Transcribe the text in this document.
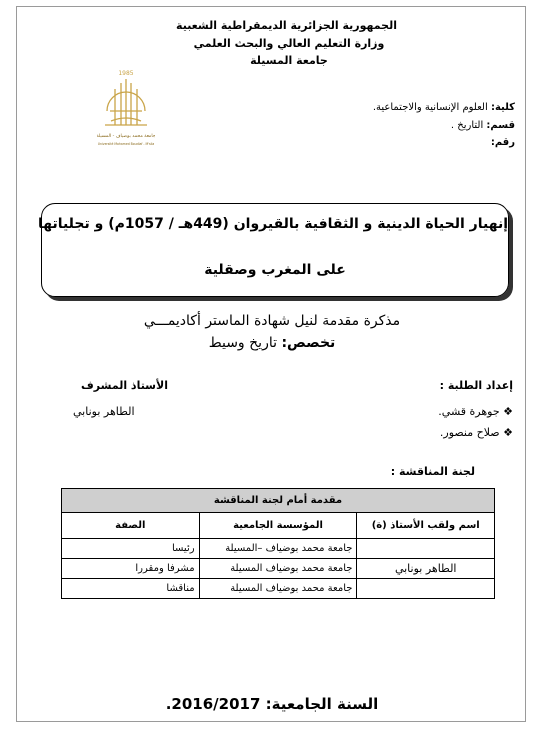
الجمهورية الجزائرية الديمقراطية الشعبية
وزارة التعليم العالي والبحث العلمي
جامعة المسيلة
1985
جامعة محمد بوضياف - المسيلة
Université Mohamed Boudiaf - M'sila
كلية: العلوم الإنسانية والاجتماعية.
قسم: التاريخ .
رقم:
إنهيار الحياة الدينية و الثقافية بالقيروان (449هـ / 1057م) و تجلياتها
على المغرب وصقلية
مذكرة مقدمة لنيل شهادة الماستر أكاديمـــي
تخصص: تاريخ وسيط
إعداد الطلبة :
الأستاذ المشرف
❖ جوهرة قشي.
❖ صلاح منصور.
الطاهر بونابي
لجنة المناقشة :
مقدمة أمام لجنة المناقشة		
اسم ولقب الأستاذ (ة)	المؤسسة الجامعية	الصفة
	جامعة محمد بوضياف –المسيلة	رئيسا
الطاهر بونابي	جامعة محمد بوضياف المسيلة	مشرفا ومقررا
	جامعة محمد بوضياف المسيلة	مناقشا
السنة الجامعية: 2016/2017.
